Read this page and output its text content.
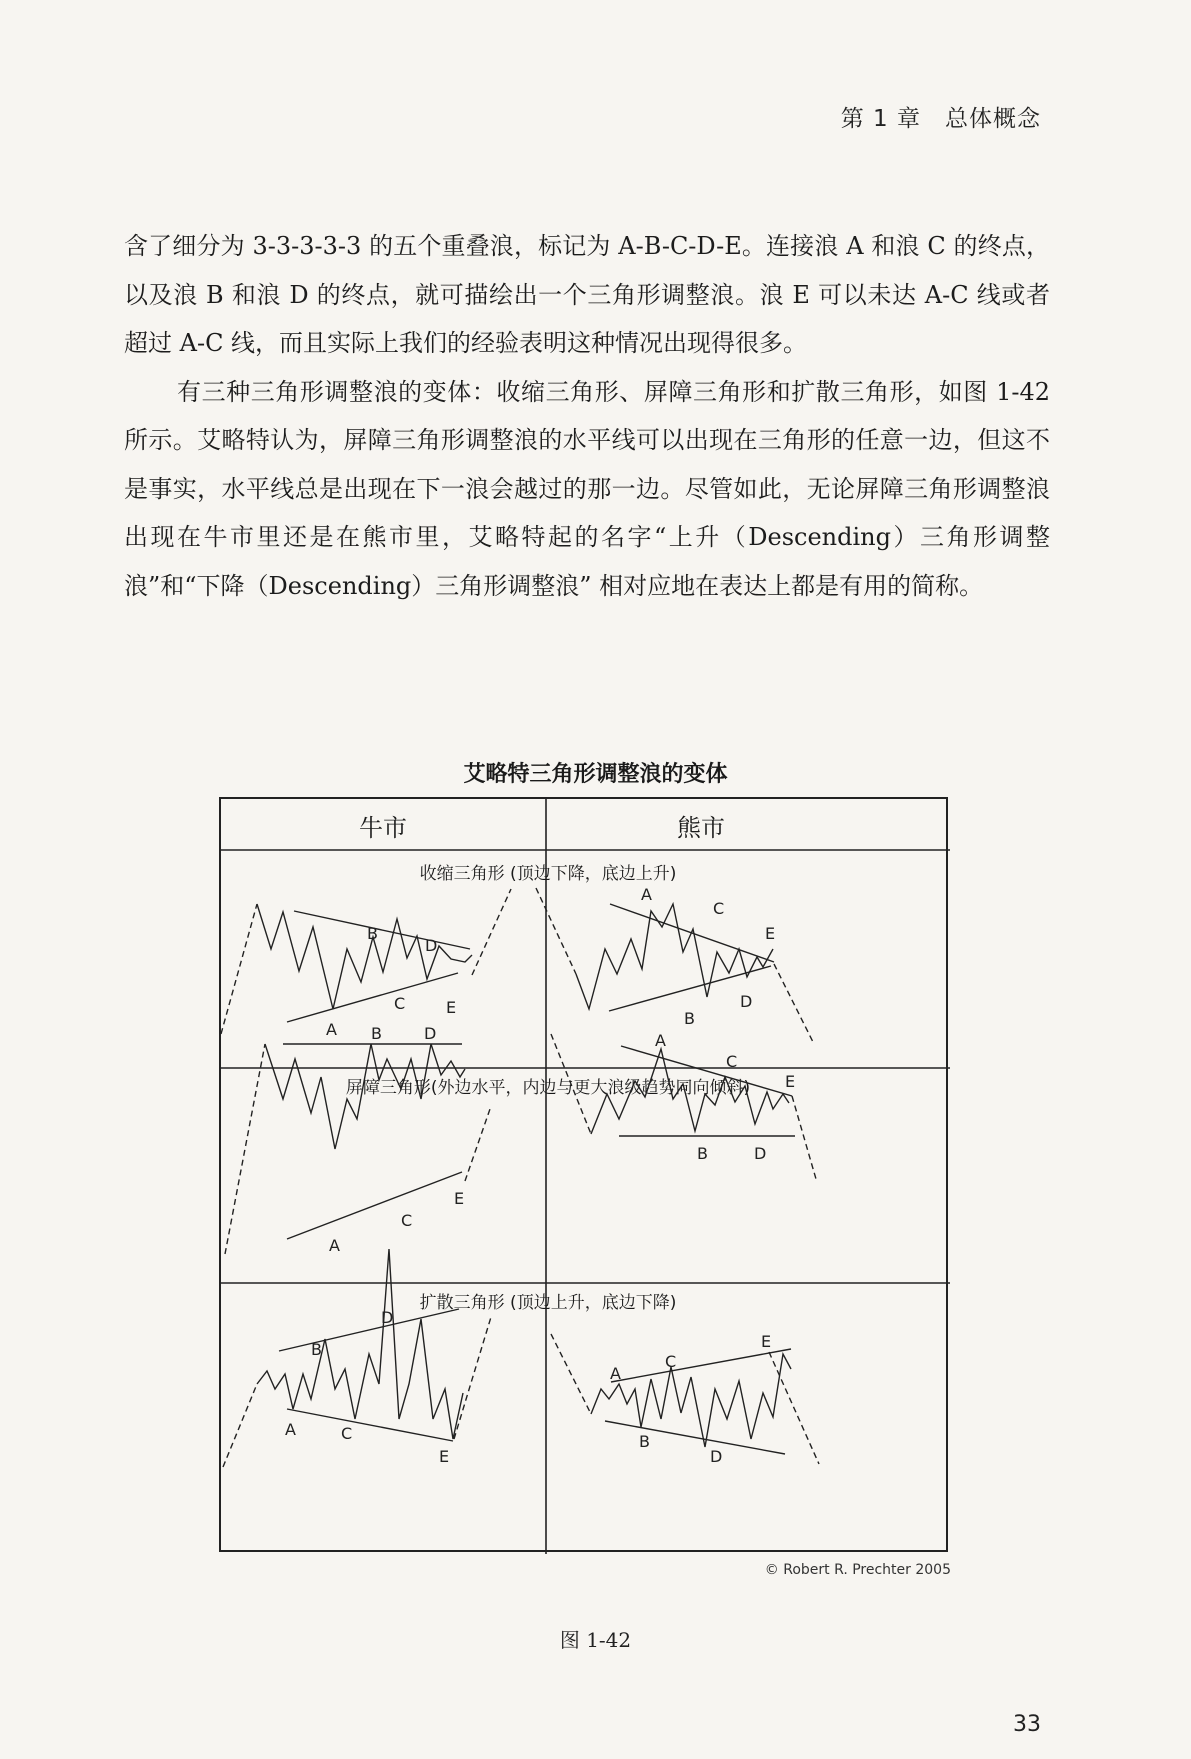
第 1 章　总体概念

含了细分为 3-3-3-3-3 的五个重叠浪，标记为 A-B-C-D-E。连接浪 A 和浪 C 的终点，以及浪 B 和浪 D 的终点，就可描绘出一个三角形调整浪。浪 E 可以未达 A-C 线或者超过 A-C 线，而且实际上我们的经验表明这种情况出现得很多。

有三种三角形调整浪的变体：收缩三角形、屏障三角形和扩散三角形，如图 1-42 所示。艾略特认为，屏障三角形调整浪的水平线可以出现在三角形的任意一边，但这不是事实，水平线总是出现在下一浪会越过的那一边。尽管如此，无论屏障三角形调整浪出现在牛市里还是在熊市里，艾略特起的名字“上升（Descending）三角形调整浪”和“下降（Descending）三角形调整浪” 相对应地在表达上都是有用的简称。

艾略特三角形调整浪的变体
牛市	熊市
收缩三角形 (顶边下降，底边上升)
屏障三角形(外边水平，内边与更大浪级趋势同向倾斜)
扩散三角形 (顶边上升，底边下降)
A
B
C
D
E
A
B
C
D
E
A
B
C
D
E
A
B
C
D
E
A
B
C
D
E
A
B
C
D
E
© Robert R. Prechter 2005
图 1-42
33
